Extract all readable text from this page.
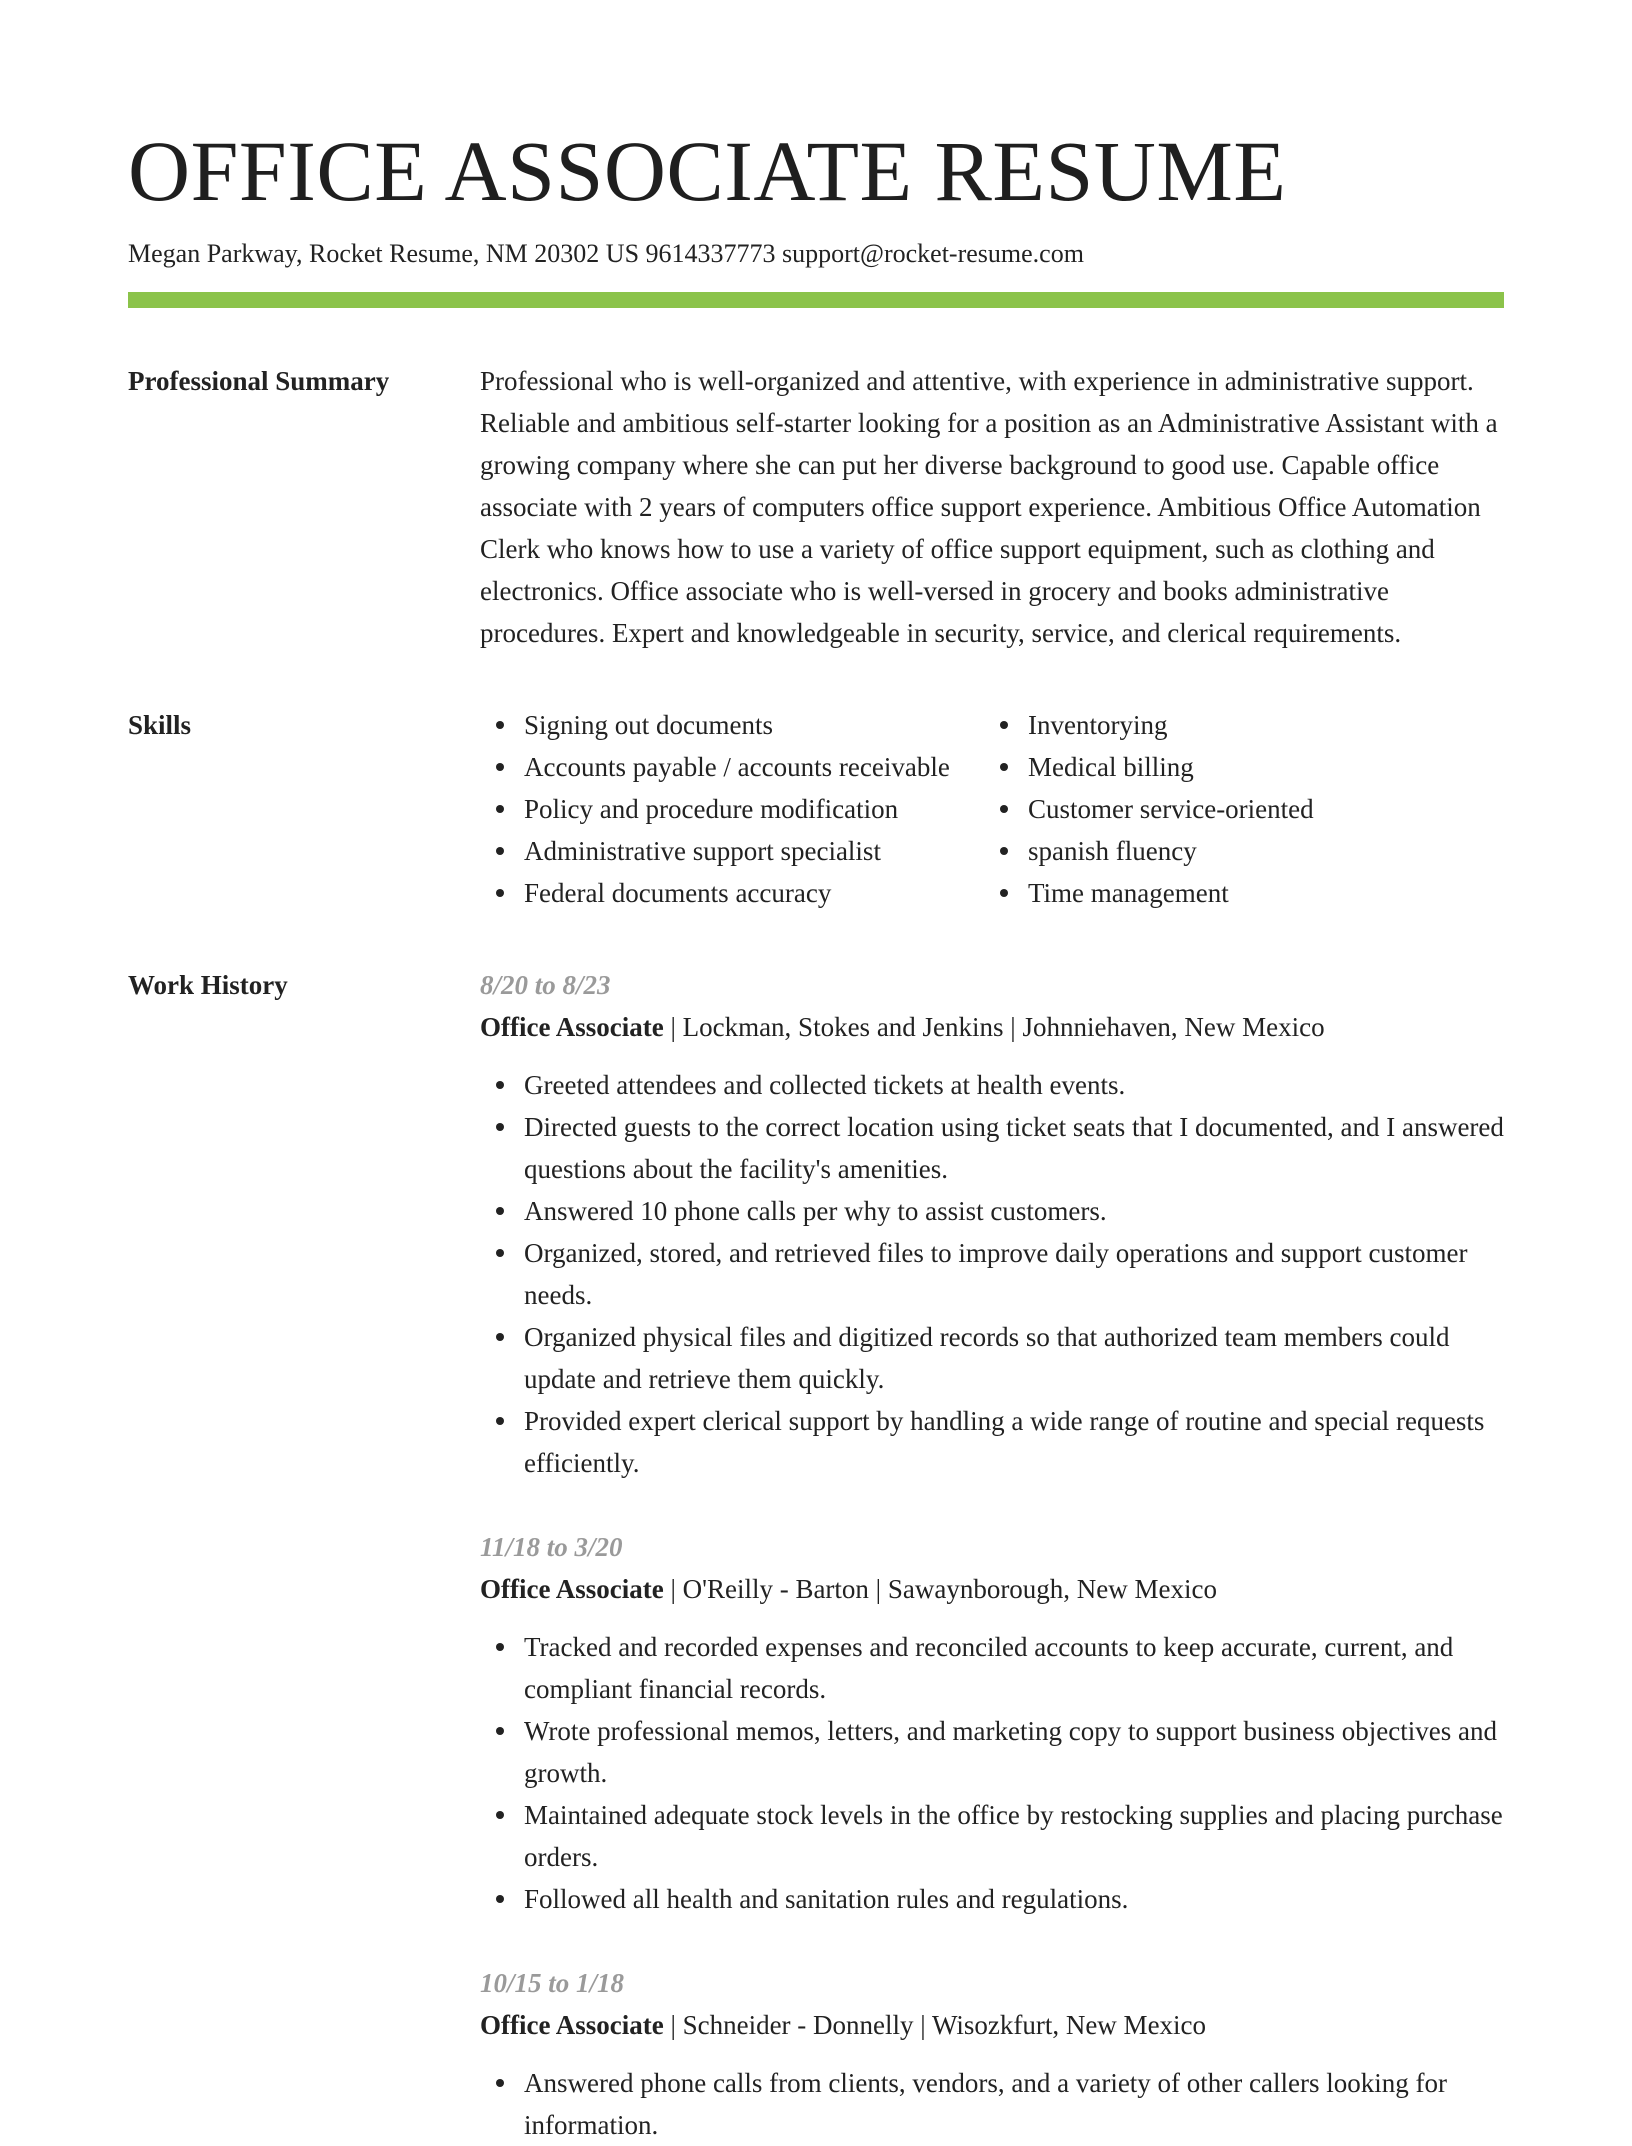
OFFICE ASSOCIATE RESUME
Megan Parkway, Rocket Resume, NM 20302 US 9614337773 support@rocket-resume.com
Professional Summary	Professional who is well-organized and attentive, with experience in administrative support. Reliable and ambitious self-starter looking for a position as an Administrative Assistant with a growing company where she can put her diverse background to good use. Capable office associate with 2 years of computers office support experience. Ambitious Office Automation Clerk who knows how to use a variety of office support equipment, such as clothing and electronics. Office associate who is well-versed in grocery and books administrative procedures. Expert and knowledgeable in security, service, and clerical requirements.

Skills	Signing out documents
Accounts payable / accounts receivable
Policy and procedure modification
Administrative support specialist
Federal documents accuracy
Inventorying
Medical billing
Customer service-oriented
spanish fluency
Time management
Work History	8/20 to 8/23
Office Associate | Lockman, Stokes and Jenkins | Johnniehaven, New Mexico
Greeted attendees and collected tickets at health events.
Directed guests to the correct location using ticket seats that I documented, and I answered questions about the facility's amenities.
Answered 10 phone calls per why to assist customers.
Organized, stored, and retrieved files to improve daily operations and support customer needs.
Organized physical files and digitized records so that authorized team members could update and retrieve them quickly.
Provided expert clerical support by handling a wide range of routine and special requests efficiently.
11/18 to 3/20
Office Associate | O'Reilly - Barton | Sawaynborough, New Mexico
Tracked and recorded expenses and reconciled accounts to keep accurate, current, and compliant financial records.
Wrote professional memos, letters, and marketing copy to support business objectives and growth.
Maintained adequate stock levels in the office by restocking supplies and placing purchase orders.
Followed all health and sanitation rules and regulations.
10/15 to 1/18
Office Associate | Schneider - Donnelly | Wisozkfurt, New Mexico
Answered phone calls from clients, vendors, and a variety of other callers looking for information.
